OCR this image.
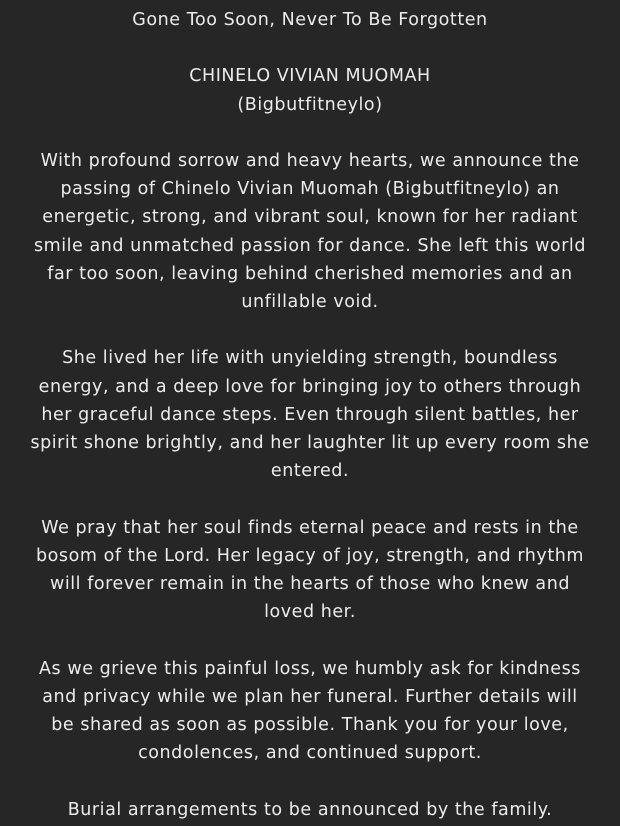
Gone Too Soon, Never To Be Forgotten
CHINELO VIVIAN MUOMAH
(Bigbutfitneylo)
With profound sorrow and heavy hearts, we announce the
passing of Chinelo Vivian Muomah (Bigbutfitneylo) an
energetic, strong, and vibrant soul, known for her radiant
smile and unmatched passion for dance. She left this world
far too soon, leaving behind cherished memories and an
unfillable void.
She lived her life with unyielding strength, boundless
energy, and a deep love for bringing joy to others through
her graceful dance steps. Even through silent battles, her
spirit shone brightly, and her laughter lit up every room she
entered.
We pray that her soul finds eternal peace and rests in the
bosom of the Lord. Her legacy of joy, strength, and rhythm
will forever remain in the hearts of those who knew and
loved her.
As we grieve this painful loss, we humbly ask for kindness
and privacy while we plan her funeral. Further details will
be shared as soon as possible. Thank you for your love,
condolences, and continued support.
Burial arrangements to be announced by the family.
